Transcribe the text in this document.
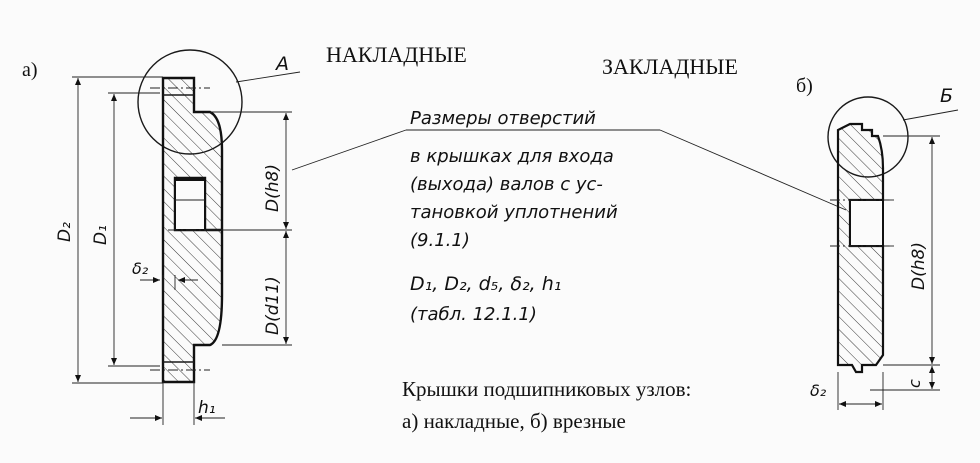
а)
НАКЛАДНЫЕ	ЗАКЛАДНЫЕ
б)
А
Б
D₂ D₁
δ₂
h₁
D(h8)
D(d11)
D(h8)
δ₂	c
Размеры отверстий
в крышках для входа
(выхода) валов с ус-
тановкой уплотнений
(9.1.1)
D₁, D₂, d₅, δ₂, h₁
(табл. 12.1.1)
Крышки подшипниковых узлов:
а) накладные, б) врезные
